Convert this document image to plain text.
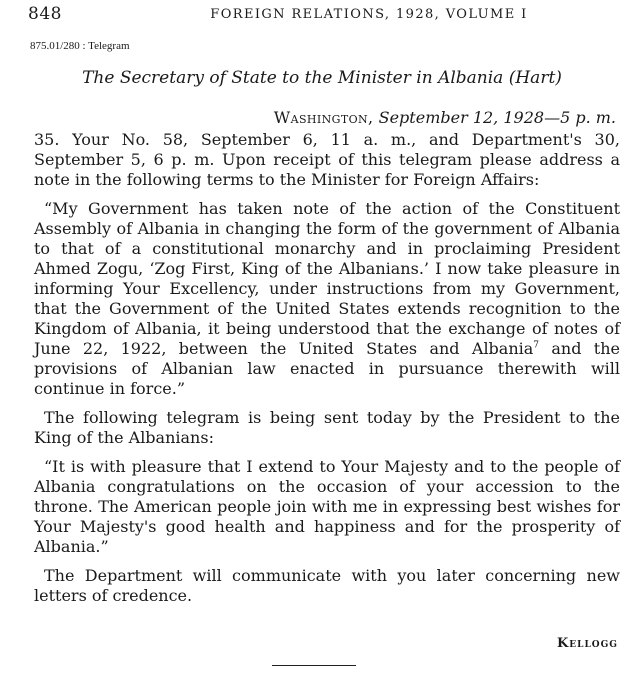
848	FOREIGN RELATIONS, 1928, VOLUME I
875.01/280 : Telegram
The Secretary of State to the Minister in Albania (Hart)
Washington, September 12, 1928—5 p. m.

35. Your No. 58, September 6, 11 a. m., and Department's 30, September 5, 6 p. m. Upon receipt of this telegram please address a note in the following terms to the Minister for Foreign Affairs:

“My Government has taken note of the action of the Constituent Assembly of Albania in changing the form of the government of Albania to that of a constitutional monarchy and in proclaiming President Ahmed Zogu, ‘Zog First, King of the Albanians.’ I now take pleasure in informing Your Excellency, under instructions from my Government, that the Government of the United States extends recognition to the Kingdom of Albania, it being understood that the exchange of notes of June 22, 1922, between the United States and Albania$^7$ and the provisions of Albanian law enacted in pursuance therewith will continue in force.”

The following telegram is being sent today by the President to the King of the Albanians:

“It is with pleasure that I extend to Your Majesty and to the people of Albania congratulations on the occasion of your accession to the throne. The American people join with me in expressing best wishes for Your Majesty's good health and happiness and for the prosperity of Albania.”

The Department will communicate with you later concerning new letters of credence.

Kellogg
